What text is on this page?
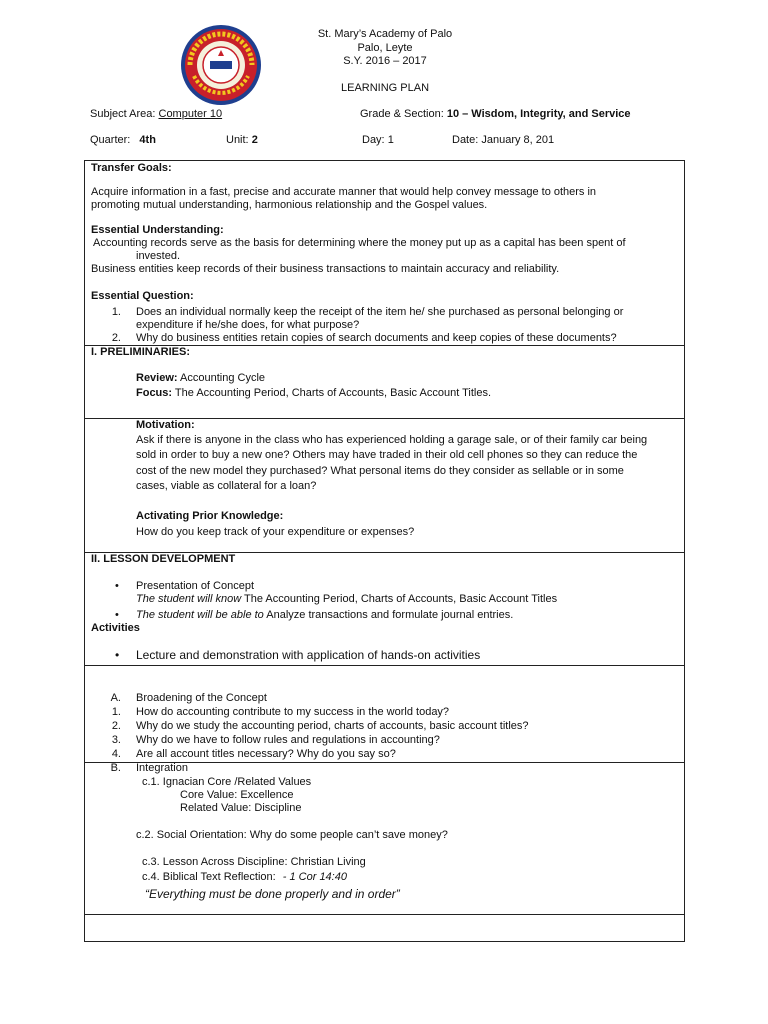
St. Mary’s Academy of Palo
Palo, Leyte
S.Y. 2016 – 2017
LEARNING PLAN
Subject Area: Computer 10	Grade & Section: 10 – Wisdom, Integrity, and Service
Quarter: 4th	Unit: 2	Day: 1	Date: January 8, 201
Transfer Goals:
Acquire information in a fast, precise and accurate manner that would help convey message to others in
promoting mutual understanding, harmonious relationship and the Gospel values.
Essential Understanding:
Accounting records serve as the basis for determining where the money put up as a capital has been spent of
invested.
Business entities keep records of their business transactions to maintain accuracy and reliability.
Essential Question:
1. Does an individual normally keep the receipt of the item he/ she purchased as personal belonging or
expenditure if he/she does, for what purpose?
2. Why do business entities retain copies of search documents and keep copies of these documents?
I. PRELIMINARIES:
Review: Accounting Cycle
Focus: The Accounting Period, Charts of Accounts, Basic Account Titles.
Motivation:
Ask if there is anyone in the class who has experienced holding a garage sale, or of their family car being
sold in order to buy a new one? Others may have traded in their old cell phones so they can reduce the
cost of the new model they purchased? What personal items do they consider as sellable or in some
cases, viable as collateral for a loan?
Activating Prior Knowledge:
How do you keep track of your expenditure or expenses?
II. LESSON DEVELOPMENT
• Presentation of Concept
The student will know The Accounting Period, Charts of Accounts, Basic Account Titles
• The student will be able to Analyze transactions and formulate journal entries.
Activities
• Lecture and demonstration with application of hands-on activities
A. Broadening of the Concept
1. How do accounting contribute to my success in the world today?
2. Why do we study the accounting period, charts of accounts, basic account titles?
3. Why do we have to follow rules and regulations in accounting?
4. Are all account titles necessary? Why do you say so?
B. Integration
c.1. Ignacian Core /Related Values
Core Value: Excellence
Related Value: Discipline
c.2. Social Orientation: Why do some people can’t save money?
c.3. Lesson Across Discipline: Christian Living
c.4. Biblical Text Reflection: - 1 Cor 14:40
“Everything must be done properly and in order”
